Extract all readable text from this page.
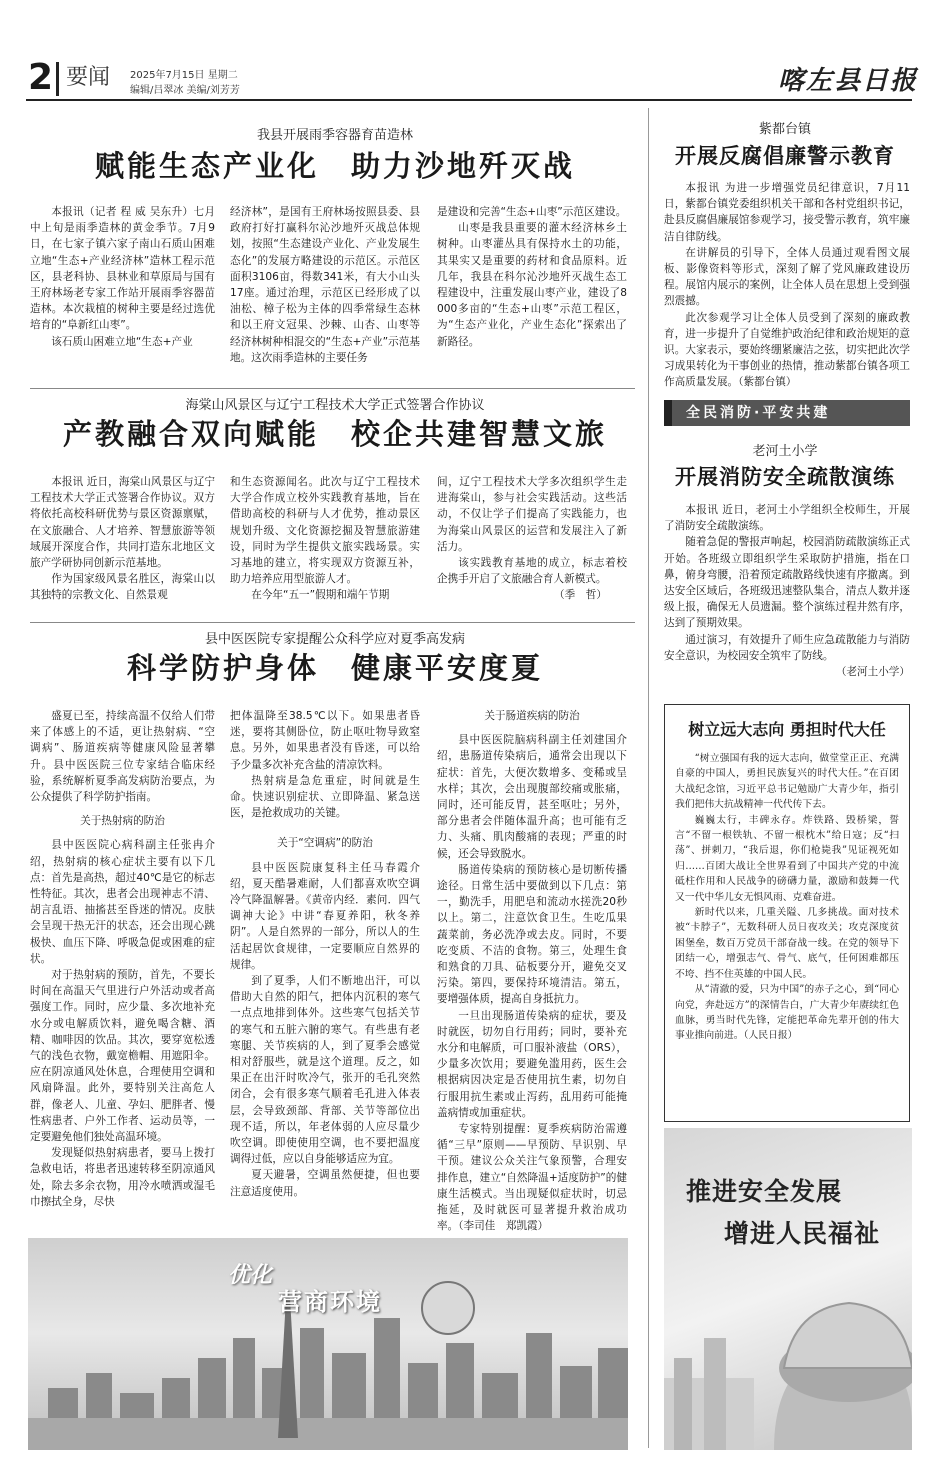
2 要闻 2025年7月15日 星期二
编辑/吕翠冰 美编/刘芳芳	喀左县日报
我县开展雨季容器育苗造林
赋能生态产业化　助力沙地歼灭战

本报讯（记者 程 威 吴东升）七月中上旬是雨季造林的黄金季节。7月9日，在七家子镇六家子南山石质山困难立地“生态+产业经济林”造林工程示范区，县老科协、县林业和草原局与国有王府林场老专家工作站开展雨季容器苗造林。本次栽植的树种主要是经过选优培育的“阜新红山枣”。

该石质山困难立地“生态+产业

经济林”，是国有王府林场按照县委、县政府打好打赢科尔沁沙地歼灭战总体规划，按照“生态建设产业化、产业发展生态化”的发展方略建设的示范区。示范区面积3106亩，得数341米，有大小山头17座。通过治理，示范区已经形成了以油松、樟子松为主体的四季常绿生态林和以王府文冠果、沙棘、山杏、山枣等经济林树种相混交的“生态+产业”示范基地。这次雨季造林的主要任务

是建设和完善“生态+山枣”示范区建设。

山枣是我县重要的灌木经济林乡土树种。山枣灌丛具有保持水土的功能，其果实又是重要的药材和食品原料。近几年，我县在科尔沁沙地歼灭战生态工程建设中，注重发展山枣产业，建设了8000多亩的“生态+山枣”示范工程区，为“生态产业化，产业生态化”探索出了新路径。

海棠山风景区与辽宁工程技术大学正式签署合作协议
产教融合双向赋能　校企共建智慧文旅

本报讯 近日，海棠山风景区与辽宁工程技术大学正式签署合作协议。双方将依托高校科研优势与景区资源禀赋，在文旅融合、人才培养、智慧旅游等领域展开深度合作，共同打造东北地区文旅产学研协同创新示范基地。

作为国家级风景名胜区，海棠山以其独特的宗教文化、自然景观

和生态资源闻名。此次与辽宁工程技术大学合作成立校外实践教育基地，旨在借助高校的科研与人才优势，推动景区规划升级、文化资源挖掘及智慧旅游建设，同时为学生提供文旅实践场景。实习基地的建立，将实现双方资源互补，助力培养应用型旅游人才。

在今年“五一”假期和端午节期

间，辽宁工程技术大学多次组织学生走进海棠山，参与社会实践活动。这些活动，不仅让学子们提高了实践能力，也为海棠山风景区的运营和发展注入了新活力。

该实践教育基地的成立，标志着校企携手开启了文旅融合育人新模式。

（季　哲）
县中医医院专家提醒公众科学应对夏季高发病
科学防护身体　健康平安度夏

盛夏已至，持续高温不仅给人们带来了体感上的不适，更让热射病、“空调病”、肠道疾病等健康风险显著攀升。县中医医院三位专家结合临床经验，系统解析夏季高发病防治要点，为公众提供了科学防护指南。

关于热射病的防治

县中医医院心病科副主任张冉介绍，热射病的核心症状主要有以下几点：首先是高热，超过40℃是它的标志性特征。其次，患者会出现神志不清、胡言乱语、抽搐甚至昏迷的情况。皮肤会呈现干热无汗的状态，还会出现心跳极快、血压下降、呼吸急促或困难的症状。

对于热射病的预防，首先，不要长时间在高温天气里进行户外活动或者高强度工作。同时，应少量、多次地补充水分或电解质饮料，避免喝含糖、酒精、咖啡因的饮品。其次，要穿宽松透气的浅色衣物，戴宽檐帽、用遮阳伞。应在阴凉通风处休息，合理使用空调和风扇降温。此外，要特别关注高危人群，像老人、儿童、孕妇、肥胖者、慢性病患者、户外工作者、运动员等，一定要避免他们独处高温环境。

发现疑似热射病患者，要马上拨打急救电话，将患者迅速转移至阴凉通风处，除去多余衣物，用冷水喷洒或湿毛巾擦拭全身，尽快

把体温降至38.5℃以下。如果患者昏迷，要将其侧卧位，防止呕吐物导致窒息。另外，如果患者没有昏迷，可以给予少量多次补充含盐的清凉饮料。

热射病是急危重症，时间就是生命。快速识别症状、立即降温、紧急送医，是抢救成功的关键。

关于“空调病”的防治

县中医医院康复科主任马春霞介绍，夏天酷暑难耐，人们都喜欢吹空调冷气降温解暑。《黄帝内经．素问．四气调神大论》中讲“春夏养阳，秋冬养阴”。人是自然界的一部分，所以人的生活起居饮食规律，一定要顺应自然界的规律。

到了夏季，人们不断地出汗，可以借助大自然的阳气，把体内沉积的寒气一点点地排到体外。这些寒气包括关节的寒气和五脏六腑的寒气。有些患有老寒腿、关节疾病的人，到了夏季会感觉相对舒服些，就是这个道理。反之，如果正在出汗时吹冷气，张开的毛孔突然闭合，会有很多寒气顺着毛孔进入体表层，会导致颈部、背部、关节等部位出现不适，所以，年老体弱的人应尽量少吹空调。即使使用空调，也不要把温度调得过低，应以自身能够适应为宜。

夏天避暑，空调虽然便捷，但也要注意适度使用。

关于肠道疾病的防治

县中医医院脑病科副主任刘建国介绍，患肠道传染病后，通常会出现以下症状：首先，大便次数增多、变稀或呈水样；其次，会出现腹部绞痛或胀痛，同时，还可能反胃，甚至呕吐；另外，部分患者会伴随体温升高；也可能有乏力、头痛、肌肉酸痛的表现；严重的时候，还会导致脱水。

肠道传染病的预防核心是切断传播途径。日常生活中要做到以下几点：第一，勤洗手，用肥皂和流动水搓洗20秒以上。第二，注意饮食卫生。生吃瓜果蔬菜前，务必洗净或去皮。同时，不要吃变质、不洁的食物。第三，处理生食和熟食的刀具、砧板要分开，避免交叉污染。第四，要保持环境清洁。第五，要增强体质，提高自身抵抗力。

一旦出现肠道传染病的症状，要及时就医，切勿自行用药；同时，要补充水分和电解质，可口服补液盐（ORS），少量多次饮用；要避免滥用药，医生会根据病因决定是否使用抗生素，切勿自行服用抗生素或止泻药，乱用药可能掩盖病情或加重症状。

专家特别提醒：夏季疾病防治需遵循“三早”原则——早预防、早识别、早干预。建议公众关注气象预警，合理安排作息，建立“自然降温+适度防护”的健康生活模式。当出现疑似症状时，切忌拖延，及时就医可显著提升救治成功率。（李司佳　郑凯霞）

优化
营商环境
紫都台镇
开展反腐倡廉警示教育

本报讯 为进一步增强党员纪律意识，7月11日，紫都台镇党委组织机关干部和各村党组织书记，赴县反腐倡廉展馆参观学习，接受警示教育，筑牢廉洁自律防线。

在讲解员的引导下，全体人员通过观看图文展板、影像资料等形式，深刻了解了党风廉政建设历程。展馆内展示的案例，让全体人员在思想上受到强烈震撼。

此次参观学习让全体人员受到了深刻的廉政教育，进一步提升了自觉维护政治纪律和政治规矩的意识。大家表示，要始终绷紧廉洁之弦，切实把此次学习成果转化为干事创业的热情，推动紫都台镇各项工作高质量发展。（紫都台镇）

全民消防·平安共建
老河土小学
开展消防安全疏散演练

本报讯 近日，老河土小学组织全校师生，开展了消防安全疏散演练。

随着急促的警报声响起，校园消防疏散演练正式开始。各班级立即组织学生采取防护措施，指在口鼻，俯身弯腰，沿着预定疏散路线快速有序撤离。到达安全区域后，各班级迅速整队集合，清点人数并逐级上报，确保无人员遗漏。整个演练过程井然有序，达到了预期效果。

通过演习，有效提升了师生应急疏散能力与消防安全意识，为校园安全筑牢了防线。

（老河土小学）
树立远大志向 勇担时代大任

“树立强国有我的远大志向，做堂堂正正、充满自豪的中国人，勇担民族复兴的时代大任。”在百团大战纪念馆，习近平总书记勉励广大青少年，指引我们把伟大抗战精神一代代传下去。

巍巍太行，丰碑永存。炸铁路、毁桥梁，誓言“不留一根铁轨、不留一根枕木”给日寇；反“扫荡”、拼刺刀，“我后退，你们枪毙我”见证视死如归……百团大战让全世界看到了中国共产党的中流砥柱作用和人民战争的磅礴力量，激励和鼓舞一代又一代中华儿女无惧风雨、克难奋进。

新时代以来，几重关隘、几多挑战。面对技术被“卡脖子”，无数科研人员日夜攻关；攻克深度贫困堡垒，数百万党员干部奋战一线。在党的领导下团结一心，增强志气、骨气、底气，任何困难都压不垮、挡不住英雄的中国人民。

从“清澈的爱，只为中国”的赤子之心，到“同心向党，奔赴远方”的深情告白，广大青少年赓续红色血脉，勇当时代先锋，定能把革命先辈开创的伟大事业推向前进。（人民日报）

推进安全发展
增进人民福祉
